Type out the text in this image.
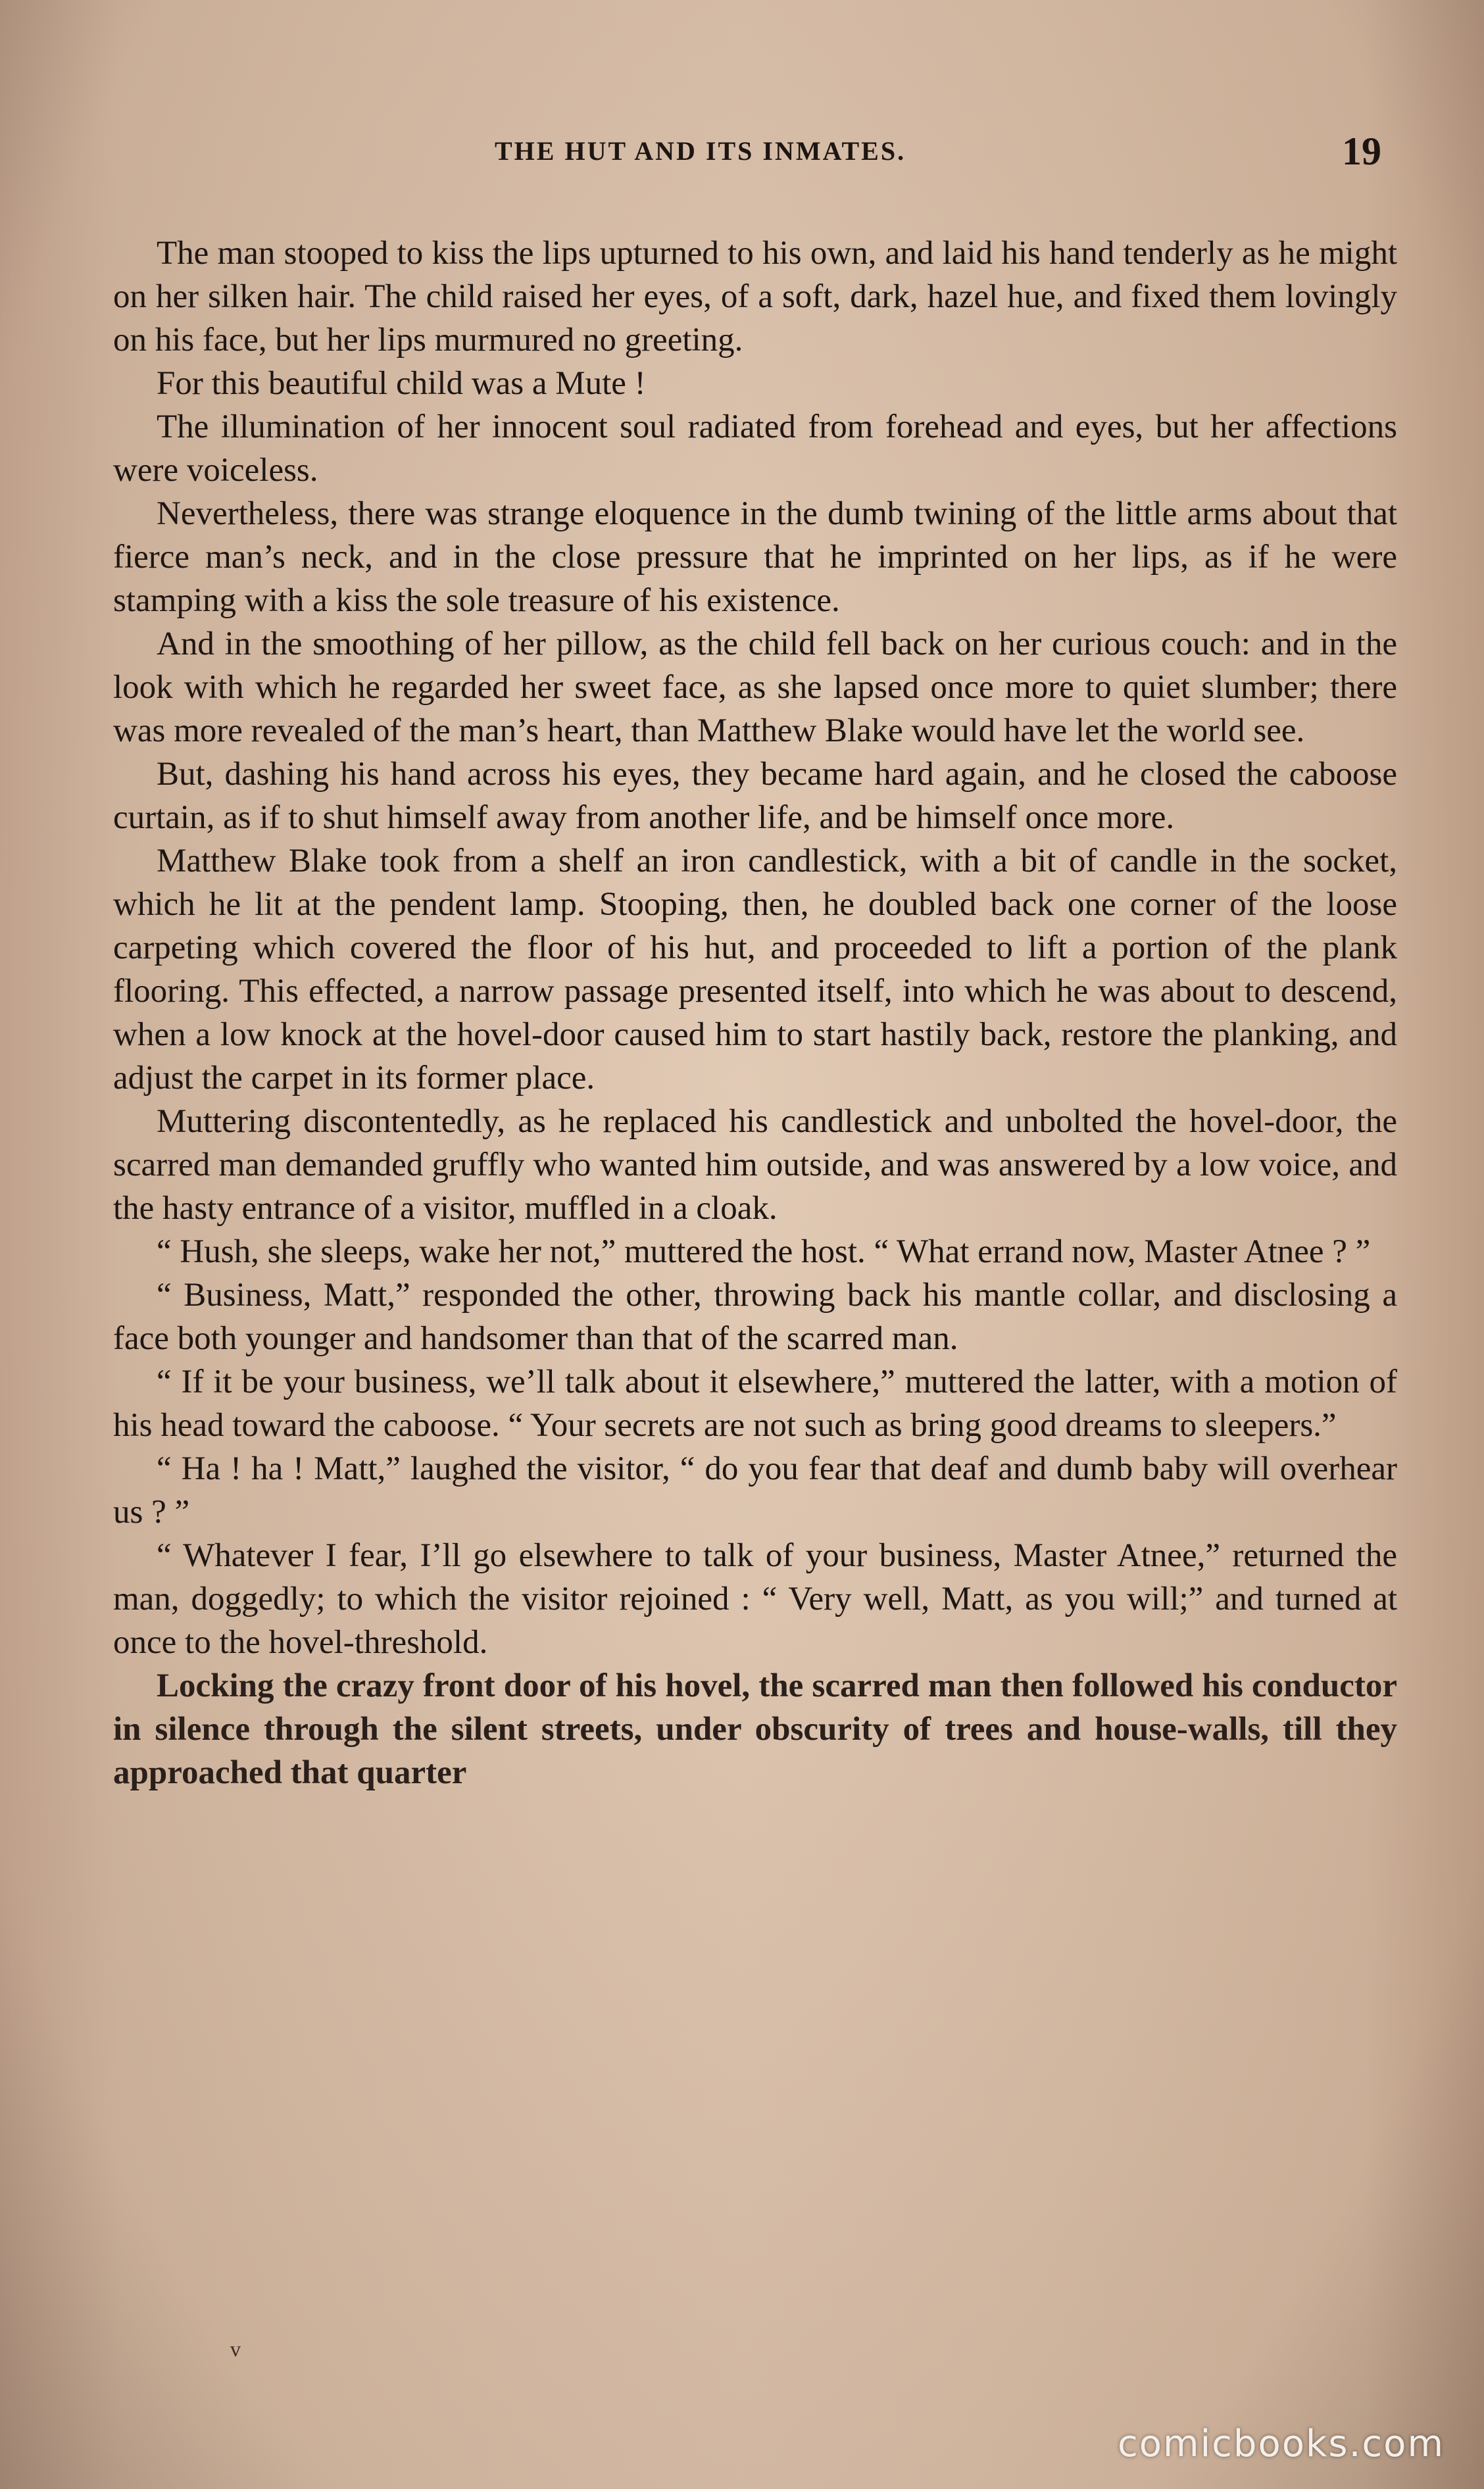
THE HUT AND ITS INMATES.	19

The man stooped to kiss the lips upturned to his own, and laid his hand tenderly as he might on her silken hair. The child raised her eyes, of a soft, dark, hazel hue, and fixed them lovingly on his face, but her lips murmured no greeting.

For this beautiful child was a Mute !

The illumination of her innocent soul radiated from forehead and eyes, but her affections were voiceless.

Nevertheless, there was strange eloquence in the dumb twining of the little arms about that fierce man’s neck, and in the close pressure that he imprinted on her lips, as if he were stamping with a kiss the sole treasure of his existence.

And in the smoothing of her pillow, as the child fell back on her curious couch: and in the look with which he regarded her sweet face, as she lapsed once more to quiet slumber; there was more revealed of the man’s heart, than Matthew Blake would have let the world see.

But, dashing his hand across his eyes, they became hard again, and he closed the caboose curtain, as if to shut himself away from another life, and be himself once more.

Matthew Blake took from a shelf an iron candlestick, with a bit of candle in the socket, which he lit at the pendent lamp. Stooping, then, he doubled back one corner of the loose carpeting which covered the floor of his hut, and proceeded to lift a portion of the plank flooring. This effected, a narrow passage presented itself, into which he was about to descend, when a low knock at the hovel-door caused him to start hastily back, restore the planking, and adjust the carpet in its former place.

Muttering discontentedly, as he replaced his candlestick and unbolted the hovel-door, the scarred man demanded gruffly who wanted him outside, and was answered by a low voice, and the hasty entrance of a visitor, muffled in a cloak.

“ Hush, she sleeps, wake her not,” muttered the host. “ What errand now, Master Atnee ? ”

“ Business, Matt,” responded the other, throwing back his mantle collar, and disclosing a face both younger and handsomer than that of the scarred man.

“ If it be your business, we’ll talk about it elsewhere,” muttered the latter, with a motion of his head toward the caboose. “ Your secrets are not such as bring good dreams to sleepers.”

“ Ha ! ha ! Matt,” laughed the visitor, “ do you fear that deaf and dumb baby will overhear us ? ”

“ Whatever I fear, I’ll go elsewhere to talk of your business, Master Atnee,” returned the man, doggedly; to which the visitor rejoined : “ Very well, Matt, as you will;” and turned at once to the hovel-threshold.

Locking the crazy front door of his hovel, the scarred man then followed his conductor in silence through the silent streets, under obscurity of trees and house-walls, till they approached that quarter

ᵛ
comicbooks.com
